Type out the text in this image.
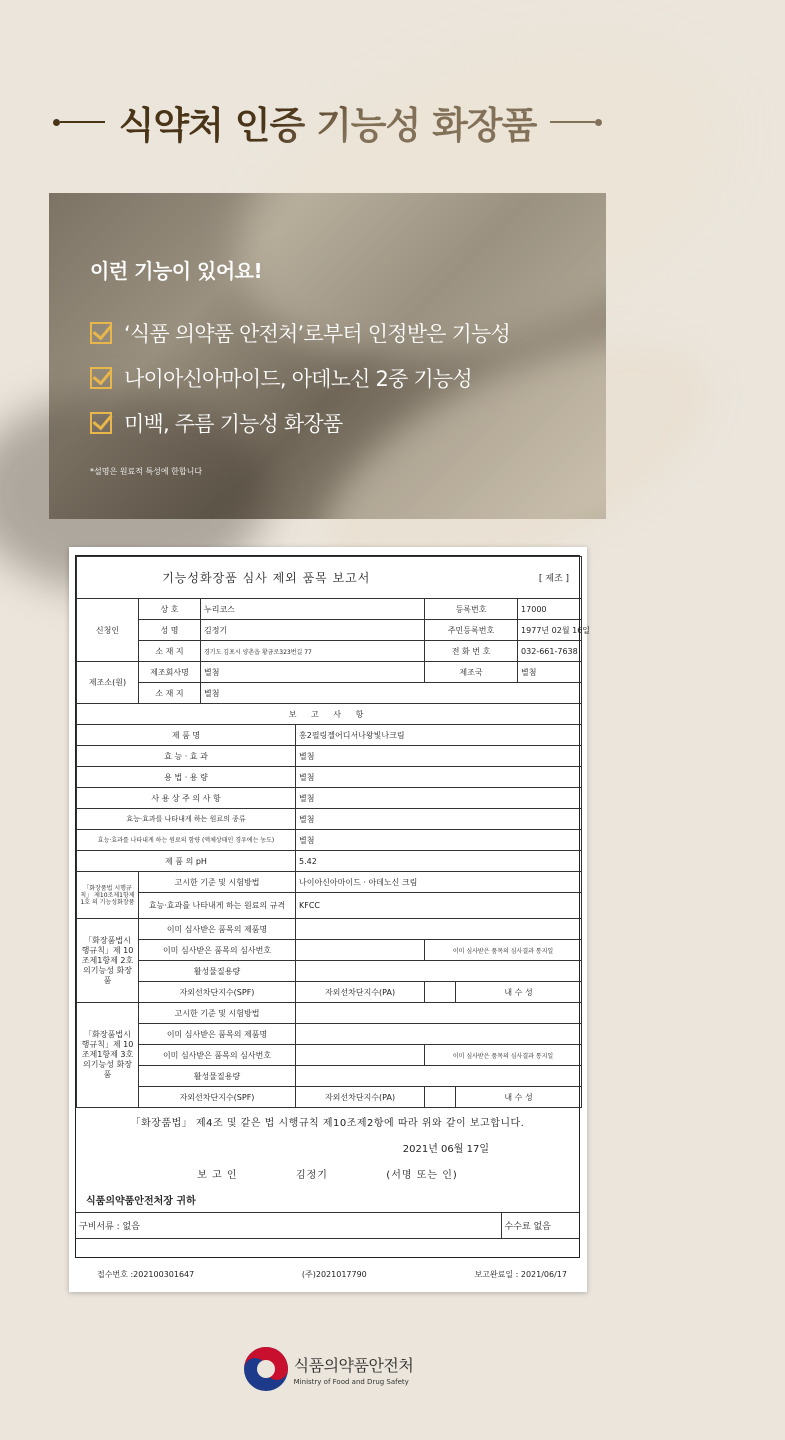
식약처 인증 기능성 화장품
이런 기능이 있어요!
‘식품 의약품 안전처’로부터 인정받은 기능성
나이아신아마이드, 아데노신 2중 기능성
미백, 주름 기능성 화장품

*설명은 원료적 특성에 한합니다

기능성화장품 심사 제외 품목 보고서					[ 제조 ]	
신청인	상 호	누리코스		등록번호		17000
	성 명	김정기		주민등록번호		1977년 02월 16일
	소 재 지	경기도 김포시 양촌읍 황금로323번길 77		전 화 번 호		032-661-7638
제조소(원)	제조회사명	별첨		제조국		별첨
	소 재 지	별첨				
보 고 사 항						
제 품 명			홍2필링젤어디서나왕빛나크림			
효 능 · 효 과			별첨			
용 법 · 용 량			별첨			
사 용 상 주 의 사 항			별첨			
효능·효과를 나타내게 하는 원료의 종류			별첨			
효능·효과를 나타내게 하는 원료의 함량 (액체상태인 경우에는 농도)			별첨			
제 품 의 pH			5.42			
「화장품법 시행규칙」 제10조제1항제1호 의 기능성화장품	고시한 기준 및 시험방법		나이아신아마이드 · 아데노신 크림			
	효능·효과를 나타내게 하는 원료의 규격		KFCC			
「화장품법시 행규칙」제 10조제1항제 2호의기능성 화장품	이미 심사받은 품목의 제품명					
	이미 심사받은 품목의 심사번호			이미 심사받은 품목의 심사결과 통지일		
	활성물질용량					
	자외선차단지수(SPF)		자외선차단지수(PA)		내 수 성	
「화장품법시 행규칙」제 10조제1항제 3호의기능성 화장품	고시한 기준 및 시험방법					
	이미 심사받은 품목의 제품명					
	이미 심사받은 품목의 심사번호			이미 심사받은 품목의 심사결과 통지일		
	활성물질용량					
	자외선차단지수(SPF)		자외선차단지수(PA)		내 수 성	
「화장품법」 제4조 및 같은 법 시행규칙 제10조제2항에 따라 위와 같이 보고합니다.
2021년 06월 17일
보 고 인	김정기	(서명 또는 인)
식품의약품안전처장 귀하
구비서류 : 없음	수수료 없음
접수번호 :202100301647	(주)2021017790	보고완료일 : 2021/06/17
식품의약품안전처
Ministry of Food and Drug Safety
